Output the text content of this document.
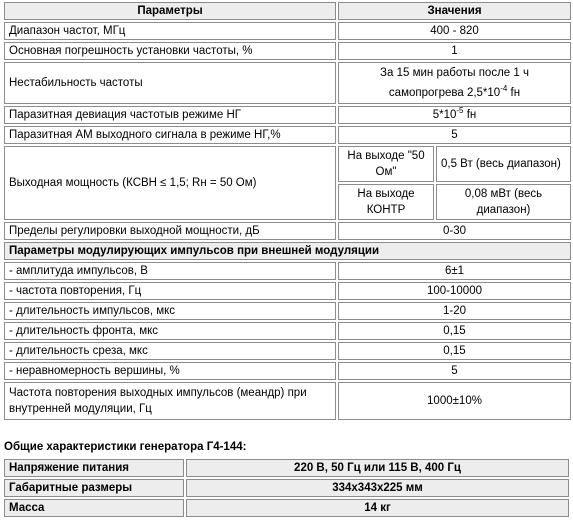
Параметры	Значения	
Диапазон частот, МГц	400 - 820	
Основная погрешность установки частоты, %	1	
Нестабильность частоты	За 15 мин работы после 1 ч
самопрогрева $2,5*10^{-4}$ fн	
Паразитная девиация частотыв режиме НГ	$5*10^{-5}$ fн	
Паразитная АМ выходного сигнала в режиме НГ,%	5	
Выходная мощность (КСВН ≤ 1,5; Rн = 50 Ом)	На выходе "50 Ом"	0,5 Вт (весь диапазон)
	На выходе КОНТР	0,08 мВт (весь диапазон)
Пределы регулировки выходной мощности, дБ	0-30	
Параметры модулирующих импульсов при внешней модуляции		
- амплитуда импульсов, В	6±1	
- частота повторения, Гц	100-10000	
- длительность импульсов, мкс	1-20	
- длительность фронта, мкс	0,15	
- длительность среза, мкс	0,15	
- неравномерность вершины, %	5	
Частота повторения выходных импульсов (меандр) при внутренней модуляции, Гц	1000±10%	
Общие характеристики генератора Г4-144:
Напряжение питания	220 В, 50 Гц или 115 В, 400 Гц
Габаритные размеры	334x343x225 мм
Масса	14 кг
